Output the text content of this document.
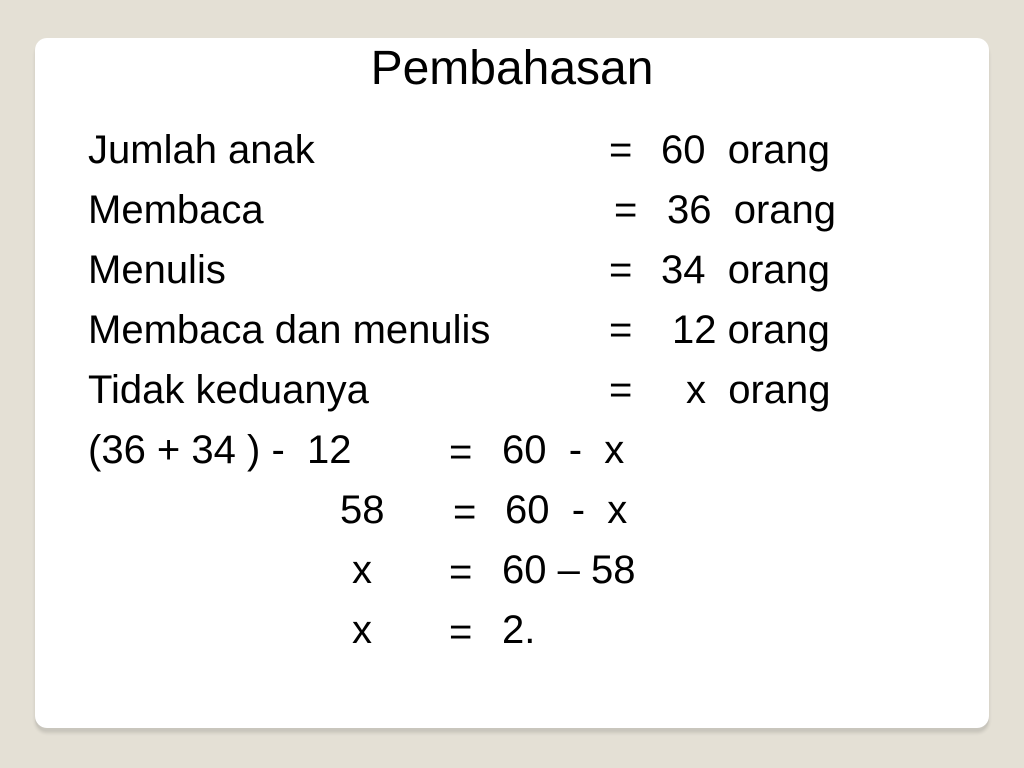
Pembahasan
Jumlah anak	= 60  orang
Membaca	= 36  orang
Menulis	= 34  orang
Membaca dan menulis	= 12 orang
Tidak keduanya	= x  orang
(36 + 34 ) -  12 = 60  -  x
58 = 60  -  x
x = 60 – 58
x = 2.
